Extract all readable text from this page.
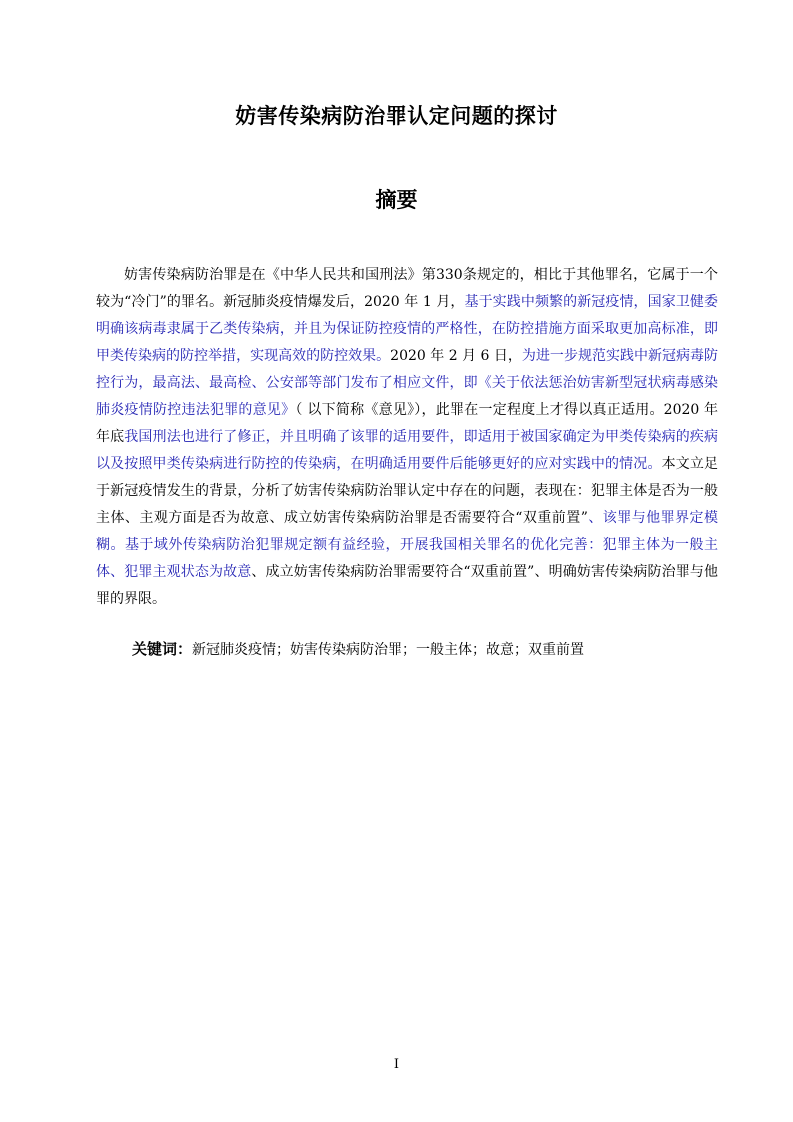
妨害传染病防治罪认定问题的探讨
摘要

妨害传染病防治罪是在《中华人民共和国刑法》第330条规定的，相比于其他罪名，它属于一个较为“冷门”的罪名。新冠肺炎疫情爆发后，2020 年 1 月，基于实践中频繁的新冠疫情，国家卫健委明确该病毒隶属于乙类传染病，并且为保证防控疫情的严格性，在防控措施方面采取更加高标准，即甲类传染病的防控举措，实现高效的防控效果。2020 年 2 月 6 日，为进一步规范实践中新冠病毒防控行为，最高法、最高检、公安部等部门发布了相应文件，即《关于依法惩治妨害新型冠状病毒感染肺炎疫情防控违法犯罪的意见》（ 以下简称《意见》），此罪在一定程度上才得以真正适用。2020 年年底我国刑法也进行了修正，并且明确了该罪的适用要件，即适用于被国家确定为甲类传染病的疾病以及按照甲类传染病进行防控的传染病，在明确适用要件后能够更好的应对实践中的情况。本文立足于新冠疫情发生的背景，分析了妨害传染病防治罪认定中存在的问题，表现在：犯罪主体是否为一般主体、主观方面是否为故意、成立妨害传染病防治罪是否需要符合“双重前置”、该罪与他罪界定模糊。基于域外传染病防治犯罪规定额有益经验，开展我国相关罪名的优化完善：犯罪主体为一般主体、犯罪主观状态为故意、成立妨害传染病防治罪需要符合“双重前置”、明确妨害传染病防治罪与他罪的界限。

关键词：新冠肺炎疫情；妨害传染病防治罪；一般主体；故意；双重前置
I
